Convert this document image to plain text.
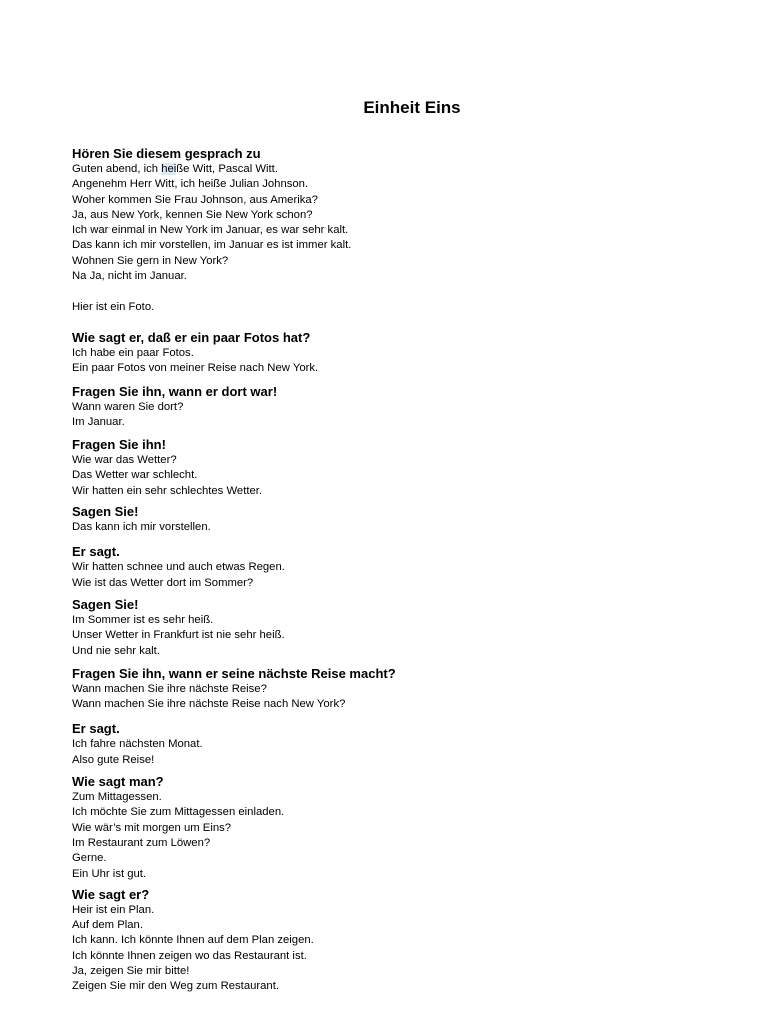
Einheit Eins
Hören Sie diesem gesprach zu
Guten abend, ich heiße Witt, Pascal Witt.
Angenehm Herr Witt, ich heiße Julian Johnson.
Woher kommen Sie Frau Johnson, aus Amerika?
Ja, aus New York, kennen Sie New York schon?
Ich war einmal in New York im Januar, es war sehr kalt.
Das kann ich mir vorstellen, im Januar es ist immer kalt.
Wohnen Sie gern in New York?
Na Ja, nicht im Januar.

Hier ist ein Foto.
Wie sagt er, daß er ein paar Fotos hat?
Ich habe ein paar Fotos.
Ein paar Fotos von meiner Reise nach New York.
Fragen Sie ihn, wann er dort war!
Wann waren Sie dort?
Im Januar.
Fragen Sie ihn!
Wie war das Wetter?
Das Wetter war schlecht.
Wir hatten ein sehr schlechtes Wetter.
Sagen Sie!
Das kann ich mir vorstellen.
Er sagt.
Wir hatten schnee und auch etwas Regen.
Wie ist das Wetter dort im Sommer?
Sagen Sie!
Im Sommer ist es sehr heiß.
Unser Wetter in Frankfurt ist nie sehr heiß.
Und nie sehr kalt.
Fragen Sie ihn, wann er seine nächste Reise macht?
Wann machen Sie ihre nächste Reise?
Wann machen Sie ihre nächste Reise nach New York?
Er sagt.
Ich fahre nächsten Monat.
Also gute Reise!
Wie sagt man?
Zum Mittagessen.
Ich möchte Sie zum Mittagessen einladen.
Wie wär’s mit morgen um Eins?
Im Restaurant zum Löwen?
Gerne.
Ein Uhr ist gut.
Wie sagt er?
Heir ist ein Plan.
Auf dem Plan.
Ich kann. Ich könnte Ihnen auf dem Plan zeigen.
Ich könnte Ihnen zeigen wo das Restaurant ist.
Ja, zeigen Sie mir bitte!
Zeigen Sie mir den Weg zum Restaurant.
